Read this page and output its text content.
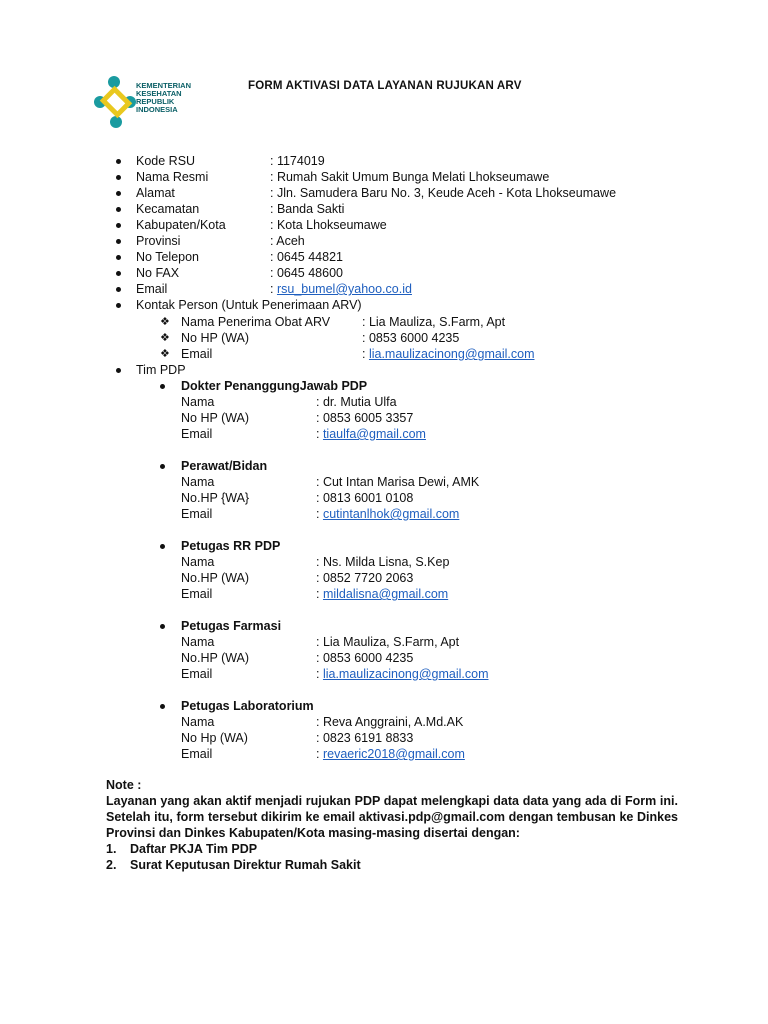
KEMENTERIAN
KESEHATAN
REPUBLIK
INDONESIA
FORM AKTIVASI DATA LAYANAN RUJUKAN ARV
Kode RSU	: 1174019
Nama Resmi	: Rumah Sakit Umum Bunga Melati Lhokseumawe
Alamat	: Jln. Samudera Baru No. 3, Keude Aceh - Kota Lhokseumawe
Kecamatan	: Banda Sakti
Kabupaten/Kota	: Kota Lhokseumawe
Provinsi	: Aceh
No Telepon	: 0645 44821
No FAX	: 0645 48600
Email	: rsu_bumel@yahoo.co.id
Kontak Person (Untuk Penerimaan ARV)
❖ Nama Penerima Obat ARV	: Lia Mauliza, S.Farm, Apt
❖ No HP (WA)	: 0853 6000 4235
❖ Email	: lia.maulizacinong@gmail.com
Tim PDP
Dokter PenanggungJawab PDP
Nama	: dr. Mutia Ulfa
No HP (WA)	: 0853 6005 3357
Email	: tiaulfa@gmail.com
Perawat/Bidan
Nama	: Cut Intan Marisa Dewi, AMK
No.HP {WA}	: 0813 6001 0108
Email	: cutintanlhok@gmail.com
Petugas RR PDP
Nama	: Ns. Milda Lisna, S.Kep
No.HP (WA)	: 0852 7720 2063
Email	: mildalisna@gmail.com
Petugas Farmasi
Nama	: Lia Mauliza, S.Farm, Apt
No.HP (WA)	: 0853 6000 4235
Email	: lia.maulizacinong@gmail.com
Petugas Laboratorium
Nama	: Reva Anggraini, A.Md.AK
No Hp (WA)	: 0823 6191 8833
Email	: revaeric2018@gmail.com
Note :
Layanan yang akan aktif menjadi rujukan PDP dapat melengkapi data data yang ada di Form ini. Setelah itu, form tersebut dikirim ke email aktivasi.pdp@gmail.com dengan tembusan ke Dinkes Provinsi dan Dinkes Kabupaten/Kota masing-masing disertai dengan:
1. Daftar PKJA Tim PDP
2. Surat Keputusan Direktur Rumah Sakit
